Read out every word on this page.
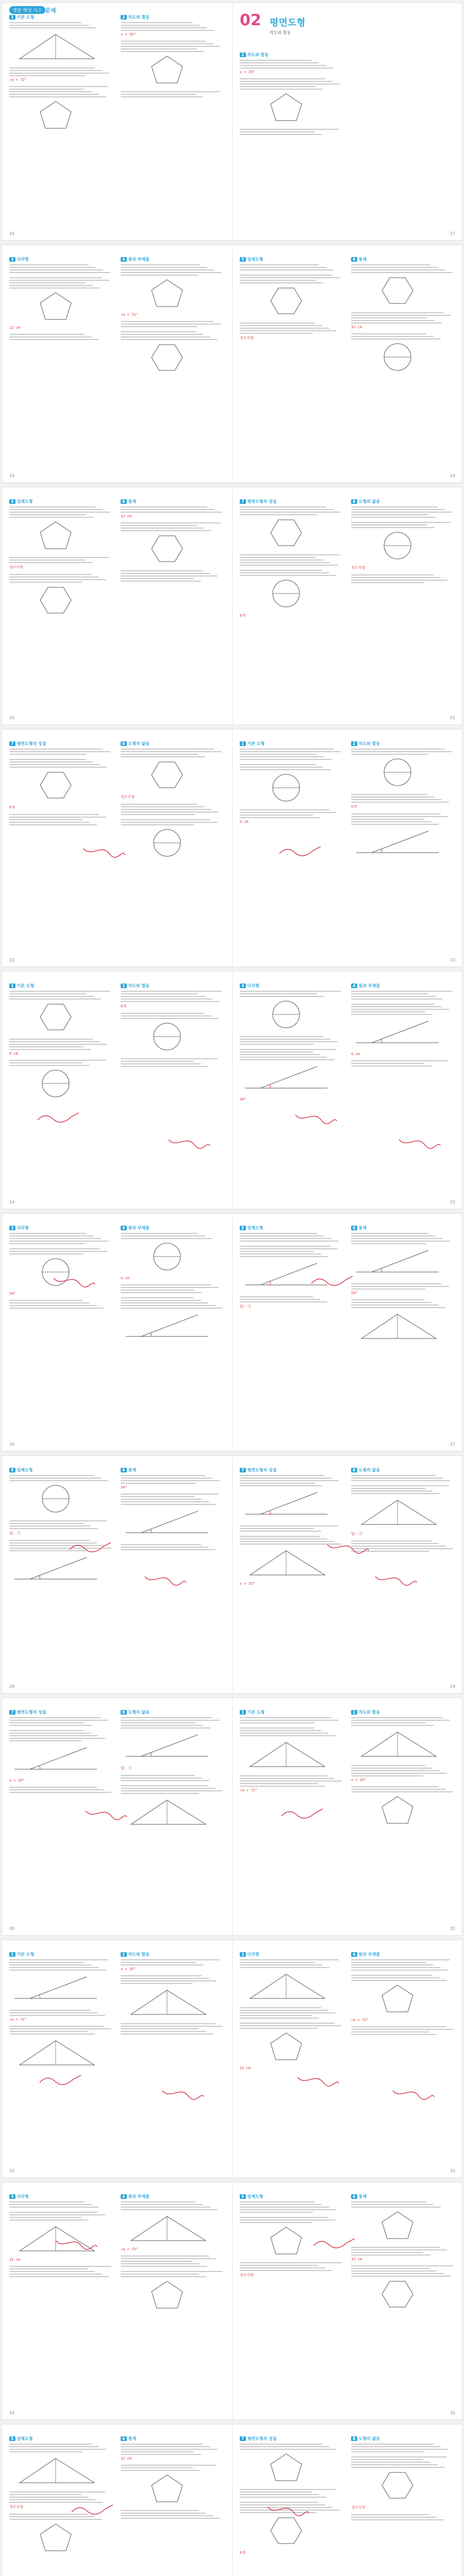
정답 해설 제공
기출문제
1 기본 도형
∠a = 72°
2 작도와 합동
x = 35°
16
02 평면도형
작도와 합동
2 작도와 합동
x = 35°
17
3 다각형
12 cm
4 원과 부채꼴
∠a = 72°
18
5 입체도형
정오각형
6 통계
12 cm
19
5 입체도형
정오각형
6 통계
12 cm
20
7 평면도형의 성질
6개
8 도형의 닮음
정오각형
21
7 평면도형의 성질
6개
8 도형의 닮음
정오각형
22
1 기본 도형
π cm
2 작도와 합동
6개
23
1 기본 도형
π cm
2 작도와 합동
6개
24
3 다각형
54°
4 원과 부채꼴
π cm
25
3 다각형
54°
4 원과 부채꼴
π cm
26
5 입체도형
답: ③
6 통계
54°
27
5 입체도형
답: ③
6 통계
54°
28
7 평면도형의 성질
x = 35°
8 도형의 닮음
답: ③
29
7 평면도형의 성질
x = 35°
8 도형의 닮음
답: ③
30
1 기본 도형
∠a = 72°
2 작도와 합동
x = 35°
31
1 기본 도형
∠a = 72°
2 작도와 합동
x = 35°
32
3 다각형
12 cm
4 원과 부채꼴
∠a = 72°
33
3 다각형
12 cm
4 원과 부채꼴
∠a = 72°
34
5 입체도형
정오각형
6 통계
12 cm
35
5 입체도형
정오각형
6 통계
12 cm
7 평면도형의 성질
6개
8 도형의 닮음
정오각형
